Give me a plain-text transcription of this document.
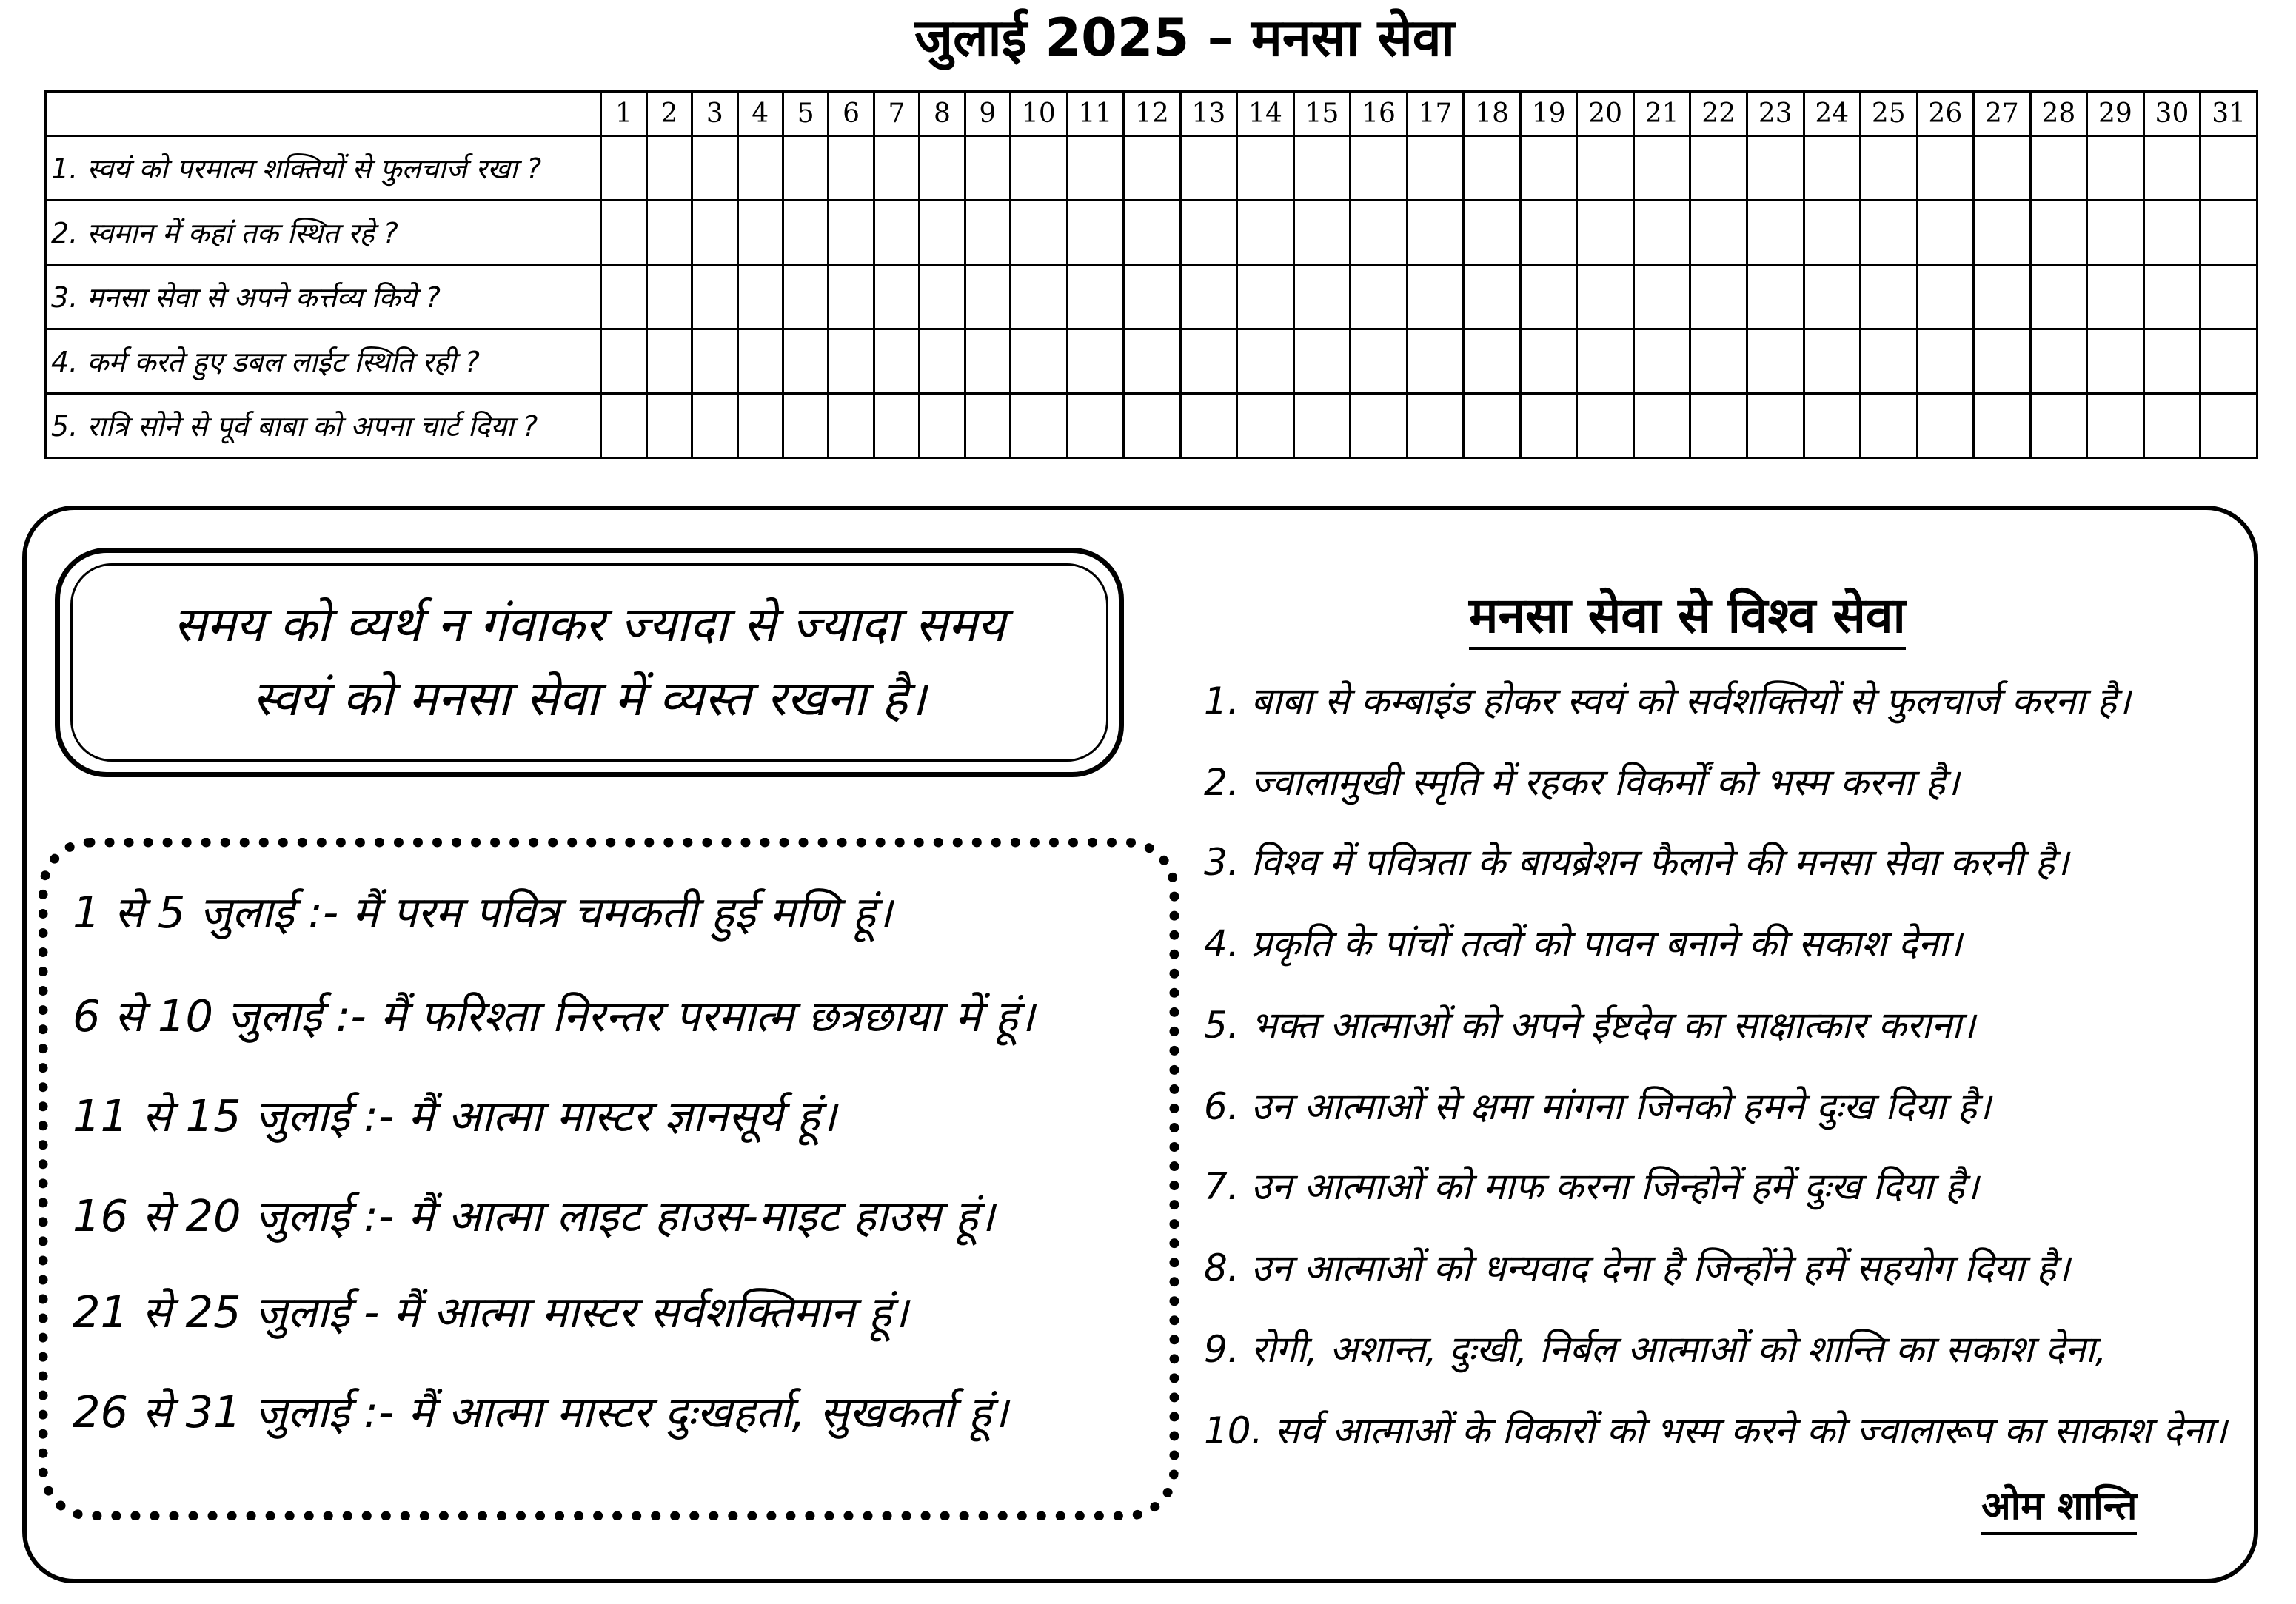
जुलाई 2025 – मनसा सेवा
	1	2	3	4	5	6	7	8	9	10	11	12	13	14	15	16	17	18	19	20	21	22	23	24	25	26	27	28	29	30	31
1. स्वयं को परमात्म शक्तियों से फुलचार्ज रखा ?																															
2. स्वमान में कहां तक स्थित रहे ?																															
3. मनसा सेवा से अपने कर्त्तव्य किये ?																															
4. कर्म करते हुए डबल लाईट स्थिति रही ?																															
5. रात्रि सोने से पूर्व बाबा को अपना चार्ट दिया ?																															
समय को व्यर्थ न गंवाकर ज्यादा से ज्यादा समय
स्वयं को मनसा सेवा में व्यस्त रखना है।
1 से 5 जुलाई :- मैं परम पवित्र चमकती हुई मणि हूं।
6 से 10 जुलाई :- मैं फरिश्ता निरन्तर परमात्म छत्रछाया में हूं।
11 से 15 जुलाई :- मैं आत्मा मास्टर ज्ञानसूर्य हूं।
16 से 20 जुलाई :- मैं आत्मा लाइट हाउस-माइट हाउस हूं।
21 से 25 जुलाई - मैं आत्मा मास्टर सर्वशक्तिमान हूं।
26 से 31 जुलाई :- मैं आत्मा मास्टर दुःखहर्ता, सुखकर्ता हूं।
मनसा सेवा से विश्व सेवा
1. बाबा से कम्बाइंड होकर स्वयं को सर्वशक्तियों से फुलचार्ज करना है।
2. ज्वालामुखी स्मृति में रहकर विकर्मों को भस्म करना है।
3. विश्व में पवित्रता के बायब्रेशन फैलाने की मनसा सेवा करनी है।
4. प्रकृति के पांचों तत्वों को पावन बनाने की सकाश देना।
5. भक्त आत्माओं को अपने ईष्टदेव का साक्षात्कार कराना।
6. उन आत्माओं से क्षमा मांगना जिनको हमने दुःख दिया है।
7. उन आत्माओं को माफ करना जिन्होनें हमें दुःख दिया है।
8. उन आत्माओं को धन्यवाद देना है जिन्होंने हमें सहयोग दिया है।
9. रोगी, अशान्त, दुःखी, निर्बल आत्माओं को शान्ति का सकाश देना,
10. सर्व आत्माओं के विकारों को भस्म करने को ज्वालारूप का साकाश देना।
ओम शान्ति
